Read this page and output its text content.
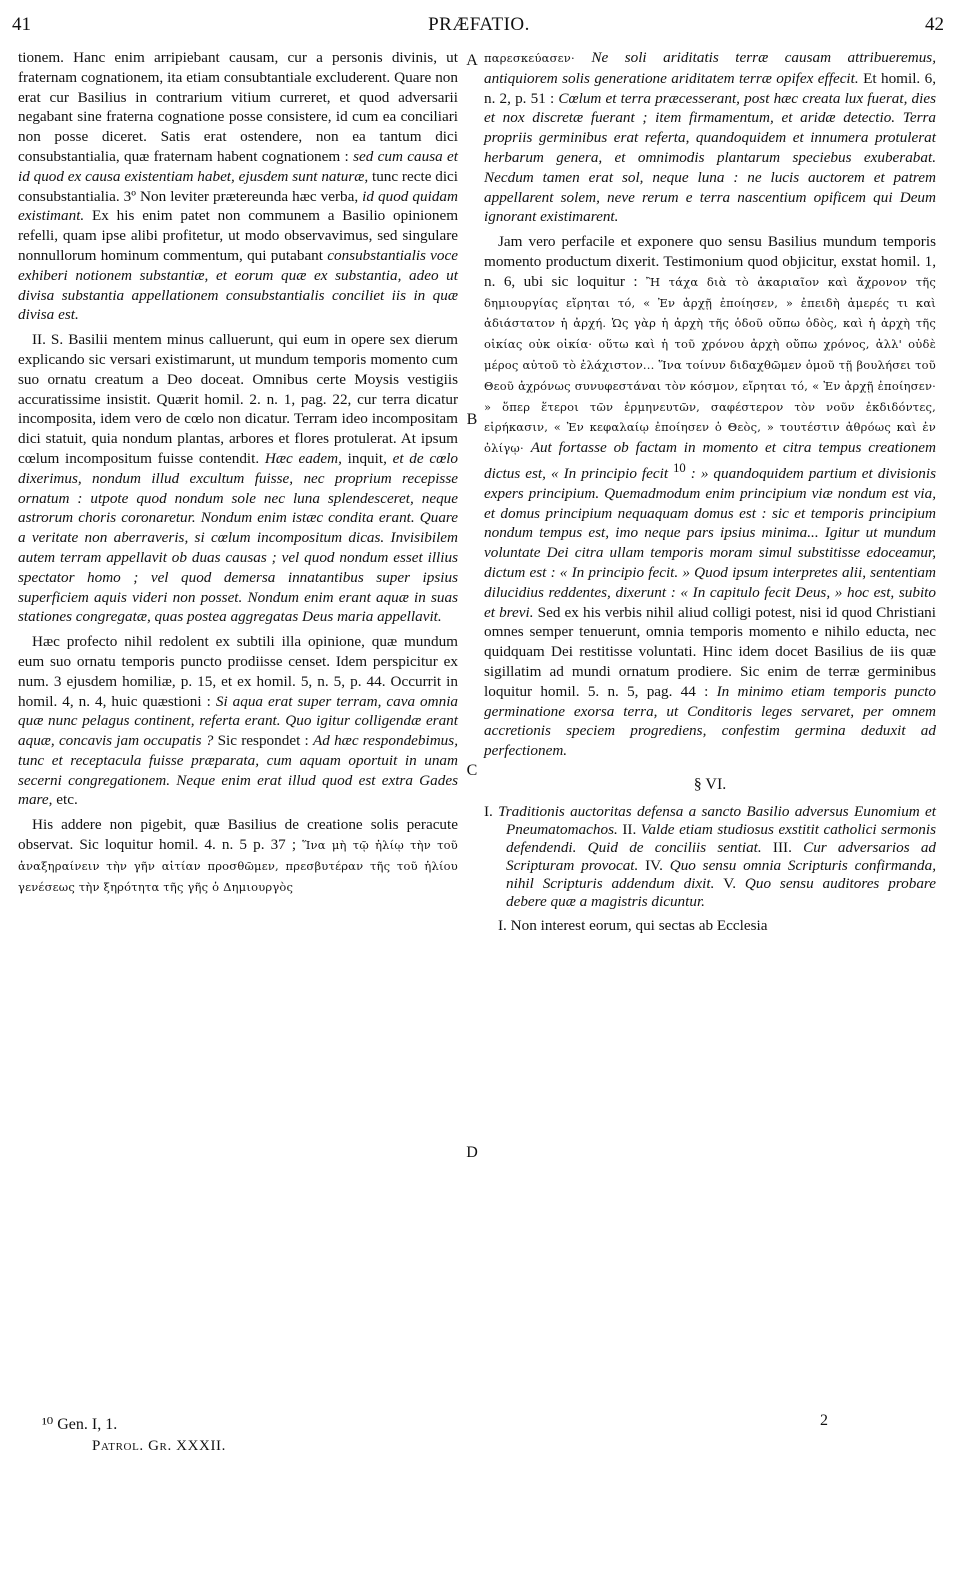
41	PRÆFATIO.	42

tionem. Hanc enim arripiebant causam, cur a personis divinis, ut fraternam cognationem, ita etiam consubtantiale excluderent. Quare non erat cur Basilius in contrarium vitium curreret, et quod adversarii negabant sine fraterna cognatione posse consistere, id cum ea conciliari non posse diceret. Satis erat ostendere, non ea tantum dici consubstantialia, quæ fraternam habent cognationem : sed cum causa et id quod ex causa existentiam habet, ejusdem sunt naturæ, tunc recte dici consubstantialia. 3º Non leviter prætereunda hæc verba, id quod quidam existimant. Ex his enim patet non communem a Basilio opinionem refelli, quam ipse alibi profitetur, ut modo observavimus, sed singulare nonnullorum hominum commentum, qui putabant consubstantialis voce exhiberi notionem substantiæ, et eorum quæ ex substantia, adeo ut divisa substantia appellationem consubstantialis conciliet iis in quæ divisa est.

II. S. Basilii mentem minus calluerunt, qui eum in opere sex dierum explicando sic versari existimarunt, ut mundum temporis momento cum suo ornatu creatum a Deo doceat. Omnibus certe Moysis vestigiis accuratissime insistit. Quærit homil. 2. n. 1, pag. 22, cur terra dicatur incomposita, idem vero de cœlo non dicatur. Terram ideo incompositam dici statuit, quia nondum plantas, arbores et flores protulerat. At ipsum cœlum incompositum fuisse contendit. Hæc eadem, inquit, et de cœlo dixerimus, nondum illud excultum fuisse, nec proprium recepisse ornatum : utpote quod nondum sole nec luna splendesceret, neque astrorum choris coronaretur. Nondum enim istæc condita erant. Quare a veritate non aberraveris, si cœlum incompositum dicas. Invisibilem autem terram appellavit ob duas causas ; vel quod nondum esset illius spectator homo ; vel quod demersa innatantibus super ipsius superficiem aquis videri non posset. Nondum enim erant aquæ in suas stationes congregatæ, quas postea aggregatas Deus maria appellavit.

Hæc profecto nihil redolent ex subtili illa opinione, quæ mundum eum suo ornatu temporis puncto prodiisse censet. Idem perspicitur ex num. 3 ejusdem homiliæ, p. 15, et ex homil. 5, n. 5, p. 44. Occurrit in homil. 4, n. 4, huic quæstioni : Si aqua erat super terram, cava omnia quæ nunc pelagus continent, referta erant. Quo igitur colligendæ erant aquæ, concavis jam occupatis ? Sic respondet : Ad hæc respondebimus, tunc et receptacula fuisse præparata, cum aquam oportuit in unam secerni congregationem. Neque enim erat illud quod est extra Gades mare, etc.

His addere non pigebit, quæ Basilius de creatione solis peracute observat. Sic loquitur homil. 4. n. 5 p. 37 ; Ἵνα μὴ τῷ ἡλίῳ τὴν τοῦ ἀναξηραίνειν τὴν γῆν αἰτίαν προσθῶμεν, πρεσβυτέραν τῆς τοῦ ἡλίου γενέσεως τὴν ξηρότητα τῆς γῆς ὁ Δημιουργὸς

A
B
C
D

παρεσκεύασεν· Ne soli ariditatis terræ causam attribueremus, antiquiorem solis generatione ariditatem terræ opifex effecit. Et homil. 6, n. 2, p. 51 : Cœlum et terra præcesserant, post hæc creata lux fuerat, dies et nox discretæ fuerant ; item firmamentum, et aridæ detectio. Terra propriis germinibus erat referta, quandoquidem et innumera protulerat herbarum genera, et omnimodis plantarum speciebus exuberabat. Necdum tamen erat sol, neque luna : ne lucis auctorem et patrem appellarent solem, neve rerum e terra nascentium opificem qui Deum ignorant existimarent.

Jam vero perfacile et exponere quo sensu Basilius mundum temporis momento productum dixerit. Testimonium quod objicitur, exstat homil. 1, n. 6, ubi sic loquitur : Ἢ τάχα διὰ τὸ ἀκαριαῖον καὶ ἄχρονον τῆς δημιουργίας εἴρηται τό, « Ἐν ἀρχῇ ἐποίησεν, » ἐπειδὴ ἀμερές τι καὶ ἀδιάστατον ἡ ἀρχή. Ὡς γὰρ ἡ ἀρχὴ τῆς ὁδοῦ οὔπω ὁδὸς, καὶ ἡ ἀρχὴ τῆς οἰκίας οὐκ οἰκία· οὕτω καὶ ἡ τοῦ χρόνου ἀρχὴ οὔπω χρόνος, ἀλλ' οὐδὲ μέρος αὐτοῦ τὸ ἐλάχιστον... Ἵνα τοίνυν διδαχθῶμεν ὁμοῦ τῇ βουλήσει τοῦ Θεοῦ ἀχρόνως συνυφεστάναι τὸν κόσμον, εἴρηται τό, « Ἐν ἀρχῇ ἐποίησεν· » ὅπερ ἕτεροι τῶν ἑρμηνευτῶν, σαφέστερον τὸν νοῦν ἐκδιδόντες, εἰρήκασιν, « Ἐν κεφαλαίῳ ἐποίησεν ὁ Θεὸς, » τουτέστιν ἀθρόως καὶ ἐν ὀλίγῳ· Aut fortasse ob factam in momento et citra tempus creationem dictus est, « In principio fecit $^{10}$ : » quandoquidem partium et divisionis expers principium. Quemadmodum enim principium viæ nondum est via, et domus principium nequaquam domus est : sic et temporis principium nondum tempus est, imo neque pars ipsius minima... Igitur ut mundum voluntate Dei citra ullam temporis moram simul substitisse edoceamur, dictum est : « In principio fecit. » Quod ipsum interpretes alii, sententiam dilucidius reddentes, dixerunt : « In capitulo fecit Deus, » hoc est, subito et brevi. Sed ex his verbis nihil aliud colligi potest, nisi id quod Christiani omnes semper tenuerunt, omnia temporis momento e nihilo educta, nec quidquam Dei restitisse voluntati. Hinc idem docet Basilius de iis quæ sigillatim ad mundi ornatum prodiere. Sic enim de terræ germinibus loquitur homil. 5. n. 5, pag. 44 : In minimo etiam temporis puncto germinatione exorsa terra, ut Conditoris leges servaret, per omnem accretionis speciem progrediens, confestim germina deduxit ad perfectionem.

§ VI.

I. Traditionis auctoritas defensa a sancto Basilio adversus Eunomium et Pneumatomachos. II. Valde etiam studiosus exstitit catholici sermonis defendendi. Quid de conciliis sentiat. III. Cur adversarios ad Scripturam provocat. IV. Quo sensu omnia Scripturis confirmanda, nihil Scripturis addendum dixit. V. Quo sensu auditores probare debere quæ a magistris dicuntur.

I. Non interest eorum, qui sectas ab Ecclesia

¹⁰ Gen. I, 1.
Patrol. Gr. XXXII.
2
